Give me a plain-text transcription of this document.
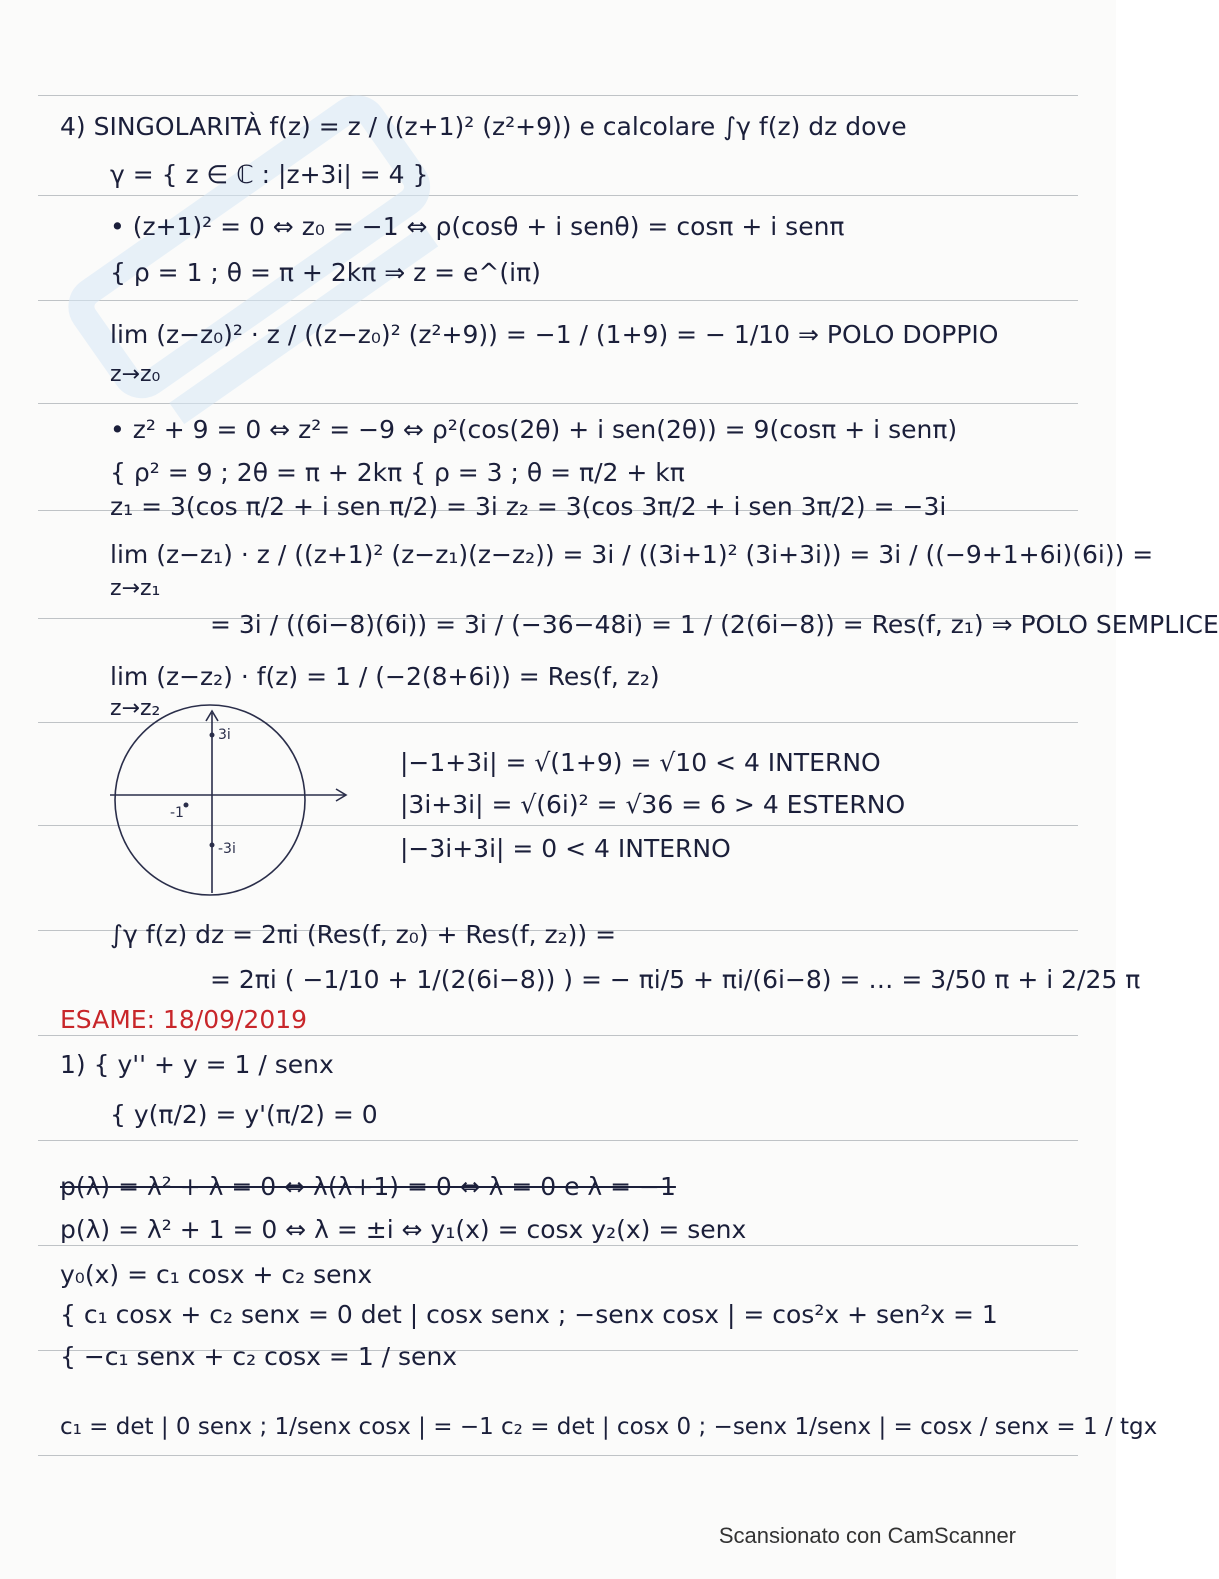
4) SINGOLARITÀ f(z) = z / ((z+1)² (z²+9)) e calcolare ∫γ f(z) dz dove
γ = { z ∈ ℂ : |z+3i| = 4 }
• (z+1)² = 0 ⇔ z₀ = −1 ⇔ ρ(cosθ + i senθ) = cosπ + i senπ
{ ρ = 1 ; θ = π + 2kπ ⇒ z = e^(iπ)
lim (z−z₀)² · z / ((z−z₀)² (z²+9)) = −1 / (1+9) = − 1/10 ⇒ POLO DOPPIO
z→z₀
• z² + 9 = 0 ⇔ z² = −9 ⇔ ρ²(cos(2θ) + i sen(2θ)) = 9(cosπ + i senπ)
{ ρ² = 9 ; 2θ = π + 2kπ { ρ = 3 ; θ = π/2 + kπ
z₁ = 3(cos π/2 + i sen π/2) = 3i z₂ = 3(cos 3π/2 + i sen 3π/2) = −3i
lim (z−z₁) · z / ((z+1)² (z−z₁)(z−z₂)) = 3i / ((3i+1)² (3i+3i)) = 3i / ((−9+1+6i)(6i)) =
z→z₁
= 3i / ((6i−8)(6i)) = 3i / (−36−48i) = 1 / (2(6i−8)) = Res(f, z₁) ⇒ POLO SEMPLICE
lim (z−z₂) · f(z) = 1 / (−2(8+6i)) = Res(f, z₂)
z→z₂
3i
-1
-3i
|−1+3i| = √(1+9) = √10 < 4 INTERNO
|3i+3i| = √(6i)² = √36 = 6 > 4 ESTERNO
|−3i+3i| = 0 < 4 INTERNO
∫γ f(z) dz = 2πi (Res(f, z₀) + Res(f, z₂)) =
= 2πi ( −1/10 + 1/(2(6i−8)) ) = − πi/5 + πi/(6i−8) = … = 3/50 π + i 2/25 π
ESAME: 18/09/2019
1) { y'' + y = 1 / senx
{ y(π/2) = y'(π/2) = 0
p(λ) = λ² + λ = 0 ⇔ λ(λ+1) = 0 ⇔ λ = 0 e λ = −1
p(λ) = λ² + 1 = 0 ⇔ λ = ±i ⇔ y₁(x) = cosx y₂(x) = senx
y₀(x) = c₁ cosx + c₂ senx
{ c₁ cosx + c₂ senx = 0 det | cosx senx ; −senx cosx | = cos²x + sen²x = 1
{ −c₁ senx + c₂ cosx = 1 / senx
c₁ = det | 0 senx ; 1/senx cosx | = −1 c₂ = det | cosx 0 ; −senx 1/senx | = cosx / senx = 1 / tgx
Scansionato con CamScanner
